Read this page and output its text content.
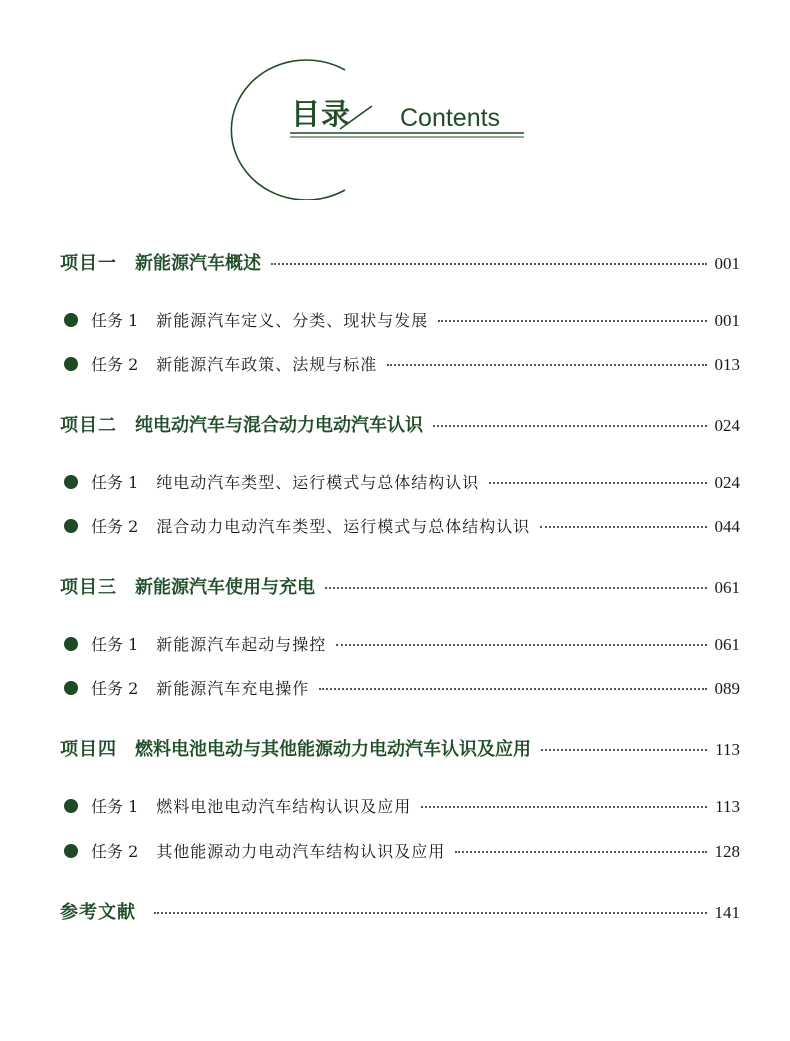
目录 Contents
项目一 新能源汽车概述	001
任务 1 新能源汽车定义、分类、现状与发展	001
任务 2 新能源汽车政策、法规与标准	013
项目二 纯电动汽车与混合动力电动汽车认识	024
任务 1 纯电动汽车类型、运行模式与总体结构认识	024
任务 2 混合动力电动汽车类型、运行模式与总体结构认识	044
项目三 新能源汽车使用与充电	061
任务 1 新能源汽车起动与操控	061
任务 2 新能源汽车充电操作	089
项目四 燃料电池电动与其他能源动力电动汽车认识及应用	113
任务 1 燃料电池电动汽车结构认识及应用	113
任务 2 其他能源动力电动汽车结构认识及应用	128
参考文献	141
